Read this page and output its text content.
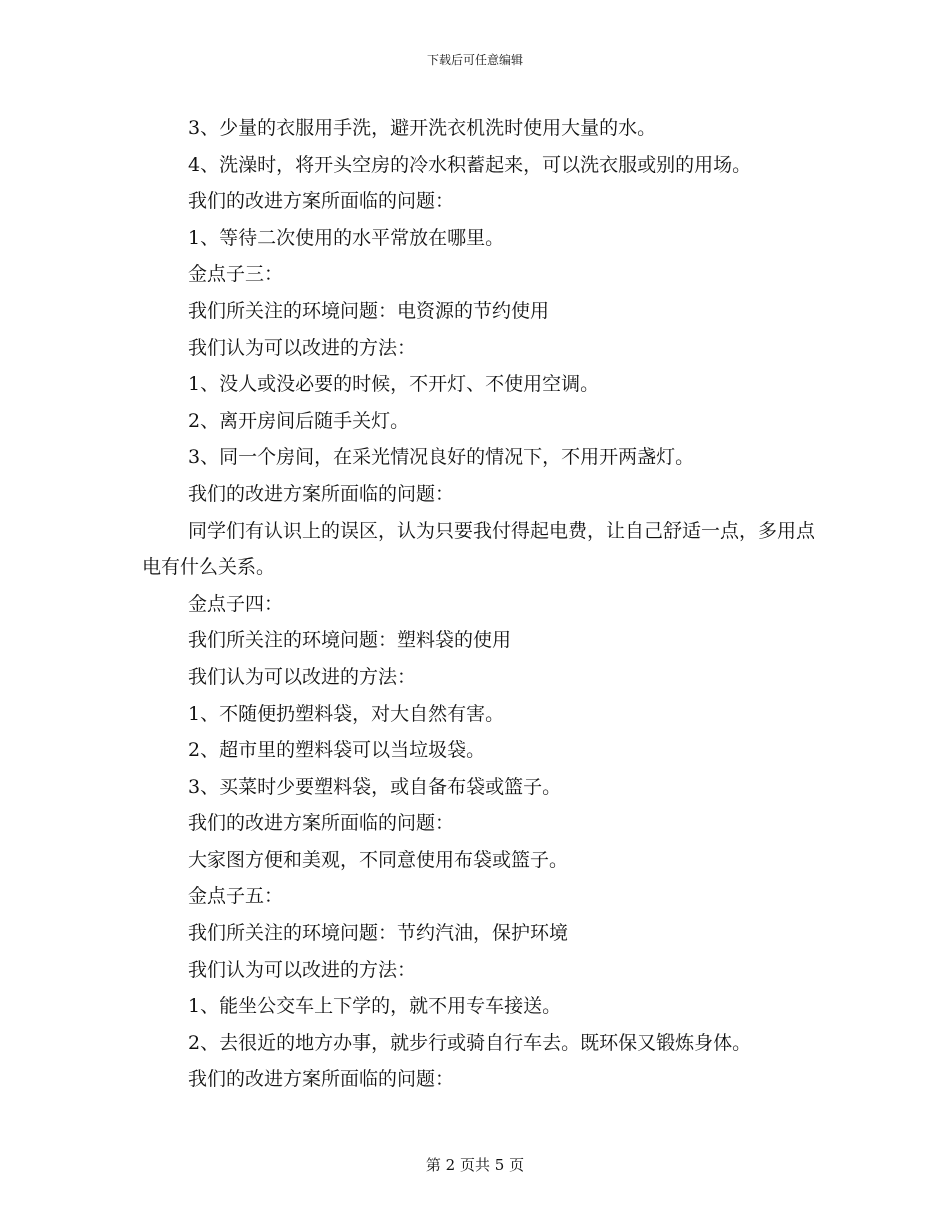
下载后可任意编辑

3、少量的衣服用手洗，避开洗衣机洗时使用大量的水。

4、洗澡时，将开头空房的冷水积蓄起来，可以洗衣服或别的用场。

我们的改进方案所面临的问题：

1、等待二次使用的水平常放在哪里。

金点子三：

我们所关注的环境问题：电资源的节约使用

我们认为可以改进的方法：

1、没人或没必要的时候，不开灯、不使用空调。

2、离开房间后随手关灯。

3、同一个房间，在采光情况良好的情况下，不用开两盏灯。

我们的改进方案所面临的问题：

同学们有认识上的误区，认为只要我付得起电费，让自己舒适一点，多用点电有什么关系。

金点子四：

我们所关注的环境问题：塑料袋的使用

我们认为可以改进的方法：

1、不随便扔塑料袋，对大自然有害。

2、超市里的塑料袋可以当垃圾袋。

3、买菜时少要塑料袋，或自备布袋或篮子。

我们的改进方案所面临的问题：

大家图方便和美观，不同意使用布袋或篮子。

金点子五：

我们所关注的环境问题：节约汽油，保护环境

我们认为可以改进的方法：

1、能坐公交车上下学的，就不用专车接送。

2、去很近的地方办事，就步行或骑自行车去。既环保又锻炼身体。

我们的改进方案所面临的问题：

第 2 页共 5 页
